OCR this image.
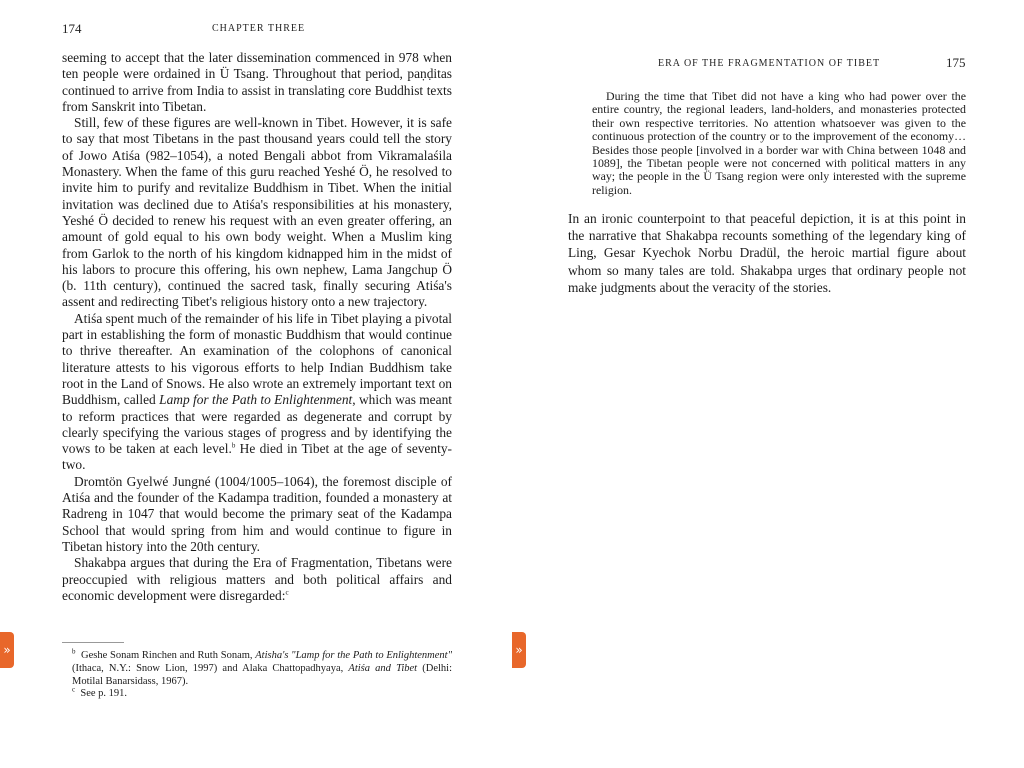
174	CHAPTER THREE

seeming to accept that the later dissemination commenced in 978 when ten people were ordained in Ü Tsang. Throughout that period, paṇḍitas continued to arrive from India to assist in translating core Buddhist texts from Sanskrit into Tibetan.

Still, few of these figures are well-known in Tibet. However, it is safe to say that most Tibetans in the past thousand years could tell the story of Jowo Atiśa (982–1054), a noted Bengali abbot from Vikramalaśila Monastery. When the fame of this guru reached Yeshé Ö, he resolved to invite him to purify and revitalize Buddhism in Tibet. When the initial invitation was declined due to Atiśa's responsibilities at his monastery, Yeshé Ö decided to renew his request with an even greater offering, an amount of gold equal to his own body weight. When a Muslim king from Garlok to the north of his kingdom kidnapped him in the midst of his labors to procure this offering, his own nephew, Lama Jangchup Ö (b. 11th century), continued the sacred task, finally securing Atiśa's assent and redirecting Tibet's religious history onto a new trajectory.

Atiśa spent much of the remainder of his life in Tibet playing a pivotal part in establishing the form of monastic Buddhism that would continue to thrive thereafter. An examination of the colophons of canonical literature attests to his vigorous efforts to help Indian Buddhism take root in the Land of Snows. He also wrote an extremely important text on Buddhism, called Lamp for the Path to Enlightenment, which was meant to reform practices that were regarded as degenerate and corrupt by clearly specifying the various stages of progress and by identifying the vows to be taken at each level.$^b$ He died in Tibet at the age of seventy-two.

Dromtön Gyelwé Jungné (1004/1005–1064), the foremost disciple of Atiśa and the founder of the Kadampa tradition, founded a monastery at Radreng in 1047 that would become the primary seat of the Kadampa School that would spring from him and would continue to figure in Tibetan history into the 20th century.

Shakabpa argues that during the Era of Fragmentation, Tibetans were preoccupied with religious matters and both political affairs and economic development were disregarded:$^c$

$^b$ Geshe Sonam Rinchen and Ruth Sonam, Atisha's "Lamp for the Path to Enlightenment" (Ithaca, N.Y.: Snow Lion, 1997) and Alaka Chattopadhyaya, Atiśa and Tibet (Delhi: Motilal Banarsidass, 1967).

$^c$ See p. 191.

ERA OF THE FRAGMENTATION OF TIBET	175

During the time that Tibet did not have a king who had power over the entire country, the regional leaders, land-holders, and monasteries protected their own respective territories. No attention whatsoever was given to the continuous protection of the country or to the improvement of the economy…Besides those people [involved in a border war with China between 1048 and 1089], the Tibetan people were not concerned with political matters in any way; the people in the Ü Tsang region were only interested with the supreme religion.

In an ironic counterpoint to that peaceful depiction, it is at this point in the narrative that Shakabpa recounts something of the legendary king of Ling, Gesar Kyechok Norbu Dradül, the heroic martial figure about whom so many tales are told. Shakabpa urges that ordinary people not make judgments about the veracity of the stories.

»	»
